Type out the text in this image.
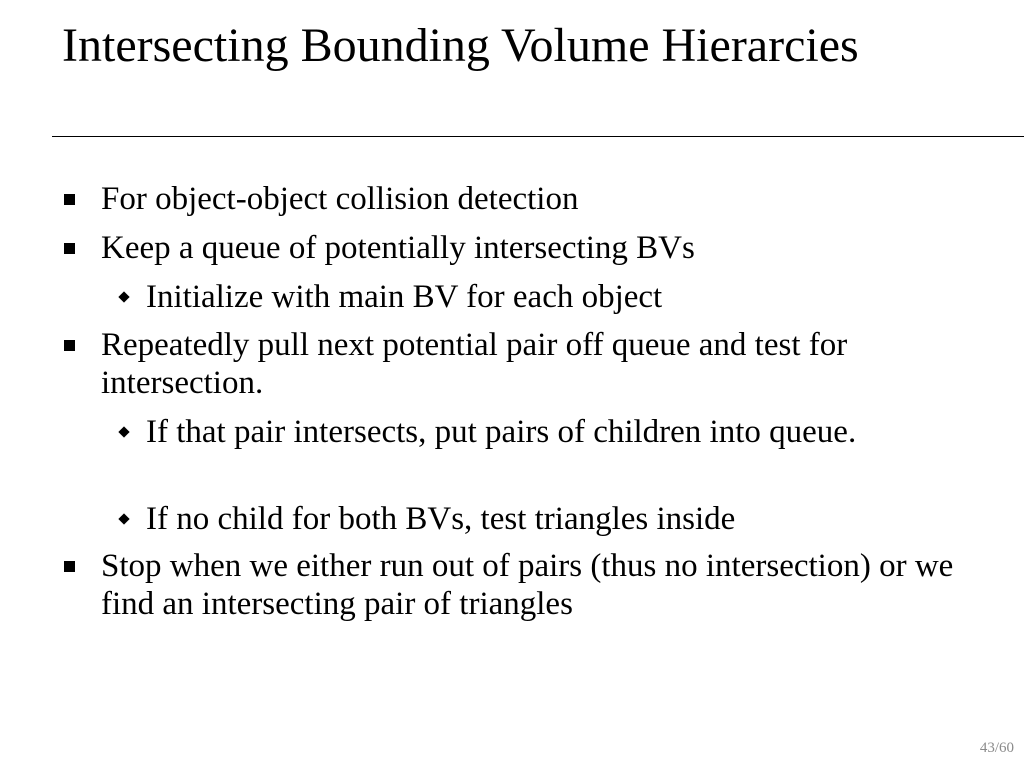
Intersecting Bounding Volume Hierarcies
For object-object collision detection
Keep a queue of potentially intersecting BVs
Initialize with main BV for each object
Repeatedly pull next potential pair off queue and test for intersection.
If that pair intersects, put pairs of children into queue.
If no child for both BVs, test triangles inside
Stop when we either run out of pairs (thus no intersection) or we find an intersecting pair of triangles
43/60
